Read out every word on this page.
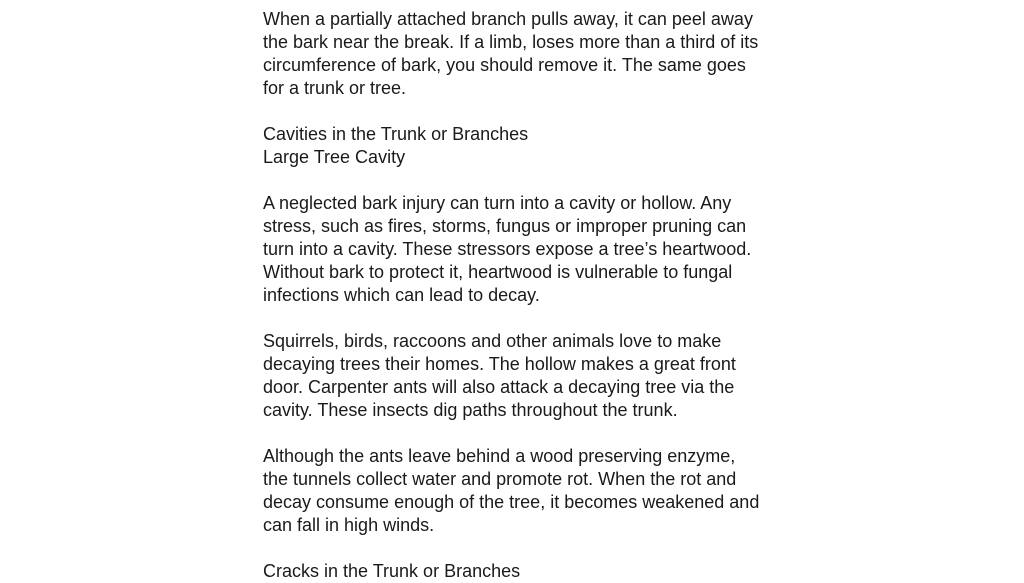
When a partially attached branch pulls away, it can peel away the bark near the break. If a limb, loses more than a third of its circumference of bark, you should remove it. The same goes for a trunk or tree.

Cavities in the Trunk or Branches
Large Tree Cavity

A neglected bark injury can turn into a cavity or hollow. Any stress, such as fires, storms, fungus or improper pruning can turn into a cavity. These stressors expose a tree’s heartwood. Without bark to protect it, heartwood is vulnerable to fungal infections which can lead to decay.

Squirrels, birds, raccoons and other animals love to make decaying trees their homes. The hollow makes a great front door. Carpenter ants will also attack a decaying tree via the cavity. These insects dig paths throughout the trunk.

Although the ants leave behind a wood preserving enzyme, the tunnels collect water and promote rot. When the rot and decay consume enough of the tree, it becomes weakened and can fall in high winds.

Cracks in the Trunk or Branches
